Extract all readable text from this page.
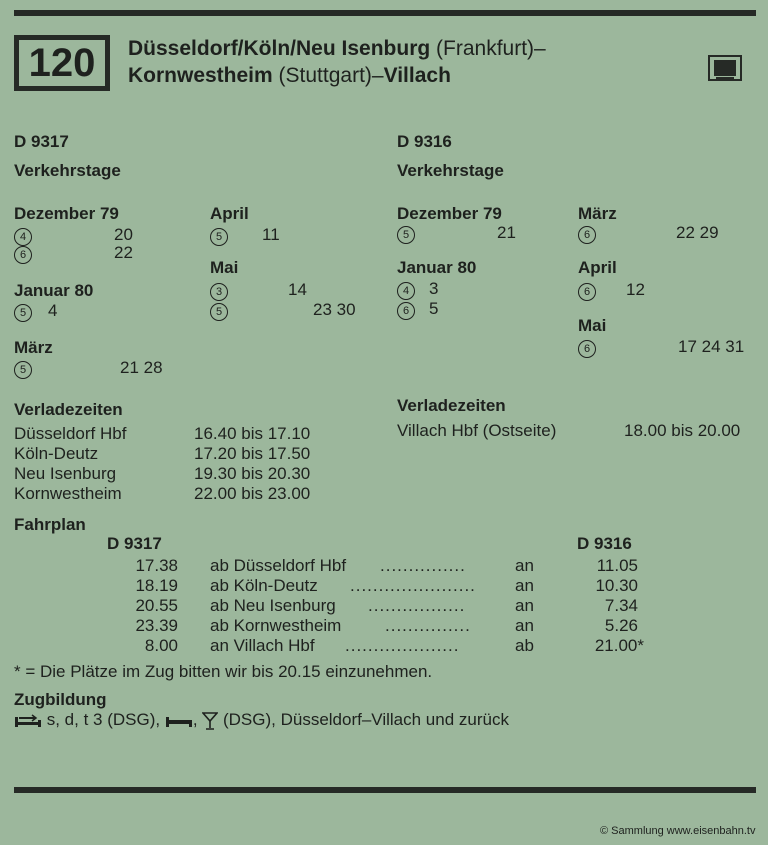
120	Düsseldorf/Köln/Neu Isenburg (Frankfurt)–
Kornwestheim (Stuttgart)–Villach
D 9317
Verkehrstage
Dezember 79
4	20
6	22
Januar 80
5 4
März
5	21 28
April
5 11
Mai
3	14
5	23 30
D 9316
Verkehrstage
Dezember 79
5	21
Januar 80
4 3
6 5
März
6	22 29
April
6 12
Mai
6	17 24 31
Verladezeiten
Düsseldorf Hbf	16.40 bis 17.10
Köln-Deutz	17.20 bis 17.50
Neu Isenburg	19.30 bis 20.30
Kornwestheim	22.00 bis 23.00
Verladezeiten
Villach Hbf (Ostseite)	18.00 bis 20.00
Fahrplan
D 9317	D 9316
17.38 ab Düsseldorf Hbf ...............	an	11.05
18.19 ab Köln-Deutz ...................... an	10.30
20.55 ab Neu Isenburg .................	an	7.34
23.39 ab Kornwestheim	...............	an	5.26
8.00 an Villach Hbf ....................	ab	21.00*
* = Die Plätze im Zug bitten wir bis 20.15 einzunehmen.
Zugbildung
s, d, t 3 (DSG), ,  (DSG), Düsseldorf–Villach und zurück
© Sammlung www.eisenbahn.tv
